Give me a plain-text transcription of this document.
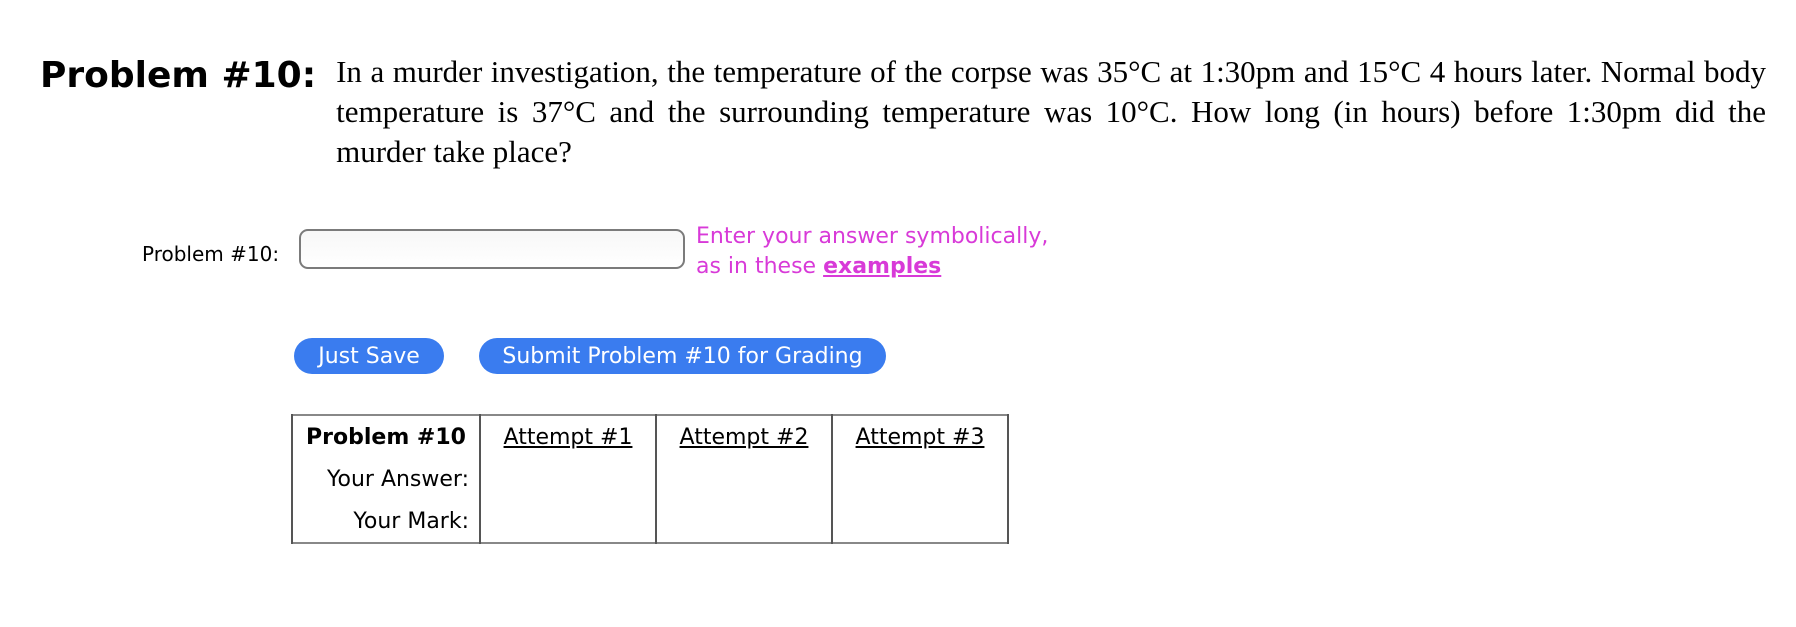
Problem #10: In a murder investigation, the temperature of the corpse was 35°C at 1:30pm and 15°C 4 hours later. Normal body temperature is 37°C and the surrounding temperature was 10°C. How long (in hours) before 1:30pm did the murder take place?
Problem #10:
Enter your answer symbolically,
as in these examples
Just Save	Submit Problem #10 for Grading
Problem #10	Attempt #1	Attempt #2	Attempt #3
Your Answer:			
Your Mark:			
